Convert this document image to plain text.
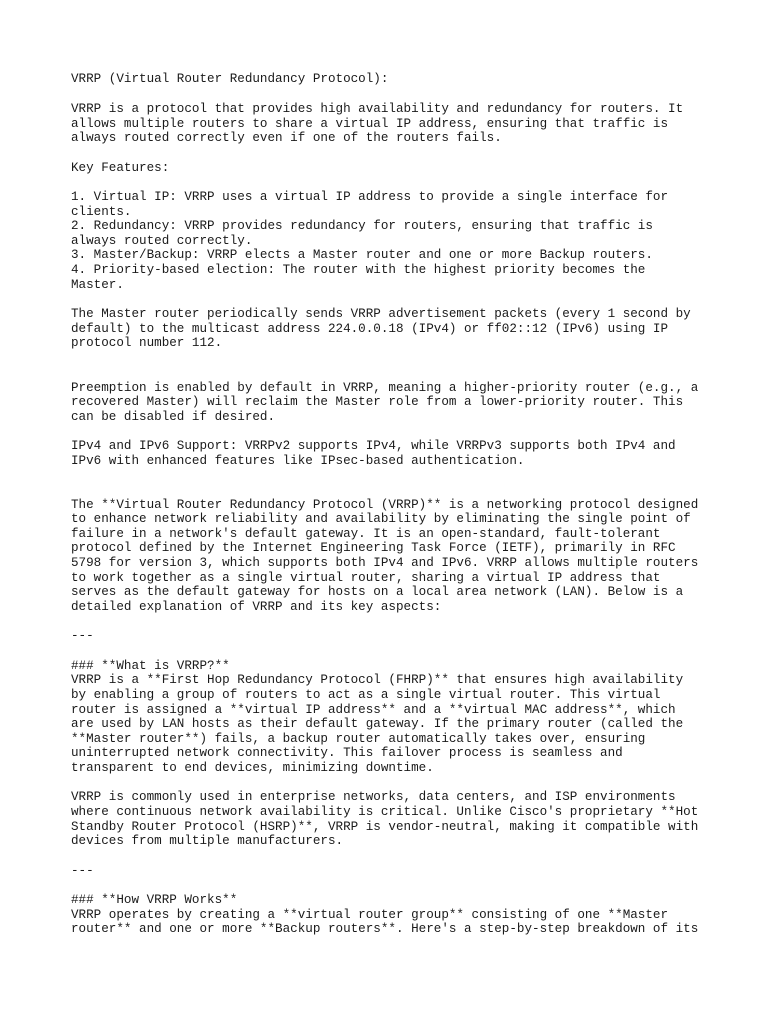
VRRP (Virtual Router Redundancy Protocol):
VRRP is a protocol that provides high availability and redundancy for routers. It
allows multiple routers to share a virtual IP address, ensuring that traffic is
always routed correctly even if one of the routers fails.
Key Features:
1. Virtual IP: VRRP uses a virtual IP address to provide a single interface for
clients.
2. Redundancy: VRRP provides redundancy for routers, ensuring that traffic is
always routed correctly.
3. Master/Backup: VRRP elects a Master router and one or more Backup routers.
4. Priority-based election: The router with the highest priority becomes the
Master.
The Master router periodically sends VRRP advertisement packets (every 1 second by
default) to the multicast address 224.0.0.18 (IPv4) or ff02::12 (IPv6) using IP
protocol number 112.
Preemption is enabled by default in VRRP, meaning a higher-priority router (e.g., a
recovered Master) will reclaim the Master role from a lower-priority router. This
can be disabled if desired.
IPv4 and IPv6 Support: VRRPv2 supports IPv4, while VRRPv3 supports both IPv4 and
IPv6 with enhanced features like IPsec-based authentication.
The **Virtual Router Redundancy Protocol (VRRP)** is a networking protocol designed
to enhance network reliability and availability by eliminating the single point of
failure in a network's default gateway. It is an open-standard, fault-tolerant
protocol defined by the Internet Engineering Task Force (IETF), primarily in RFC
5798 for version 3, which supports both IPv4 and IPv6. VRRP allows multiple routers
to work together as a single virtual router, sharing a virtual IP address that
serves as the default gateway for hosts on a local area network (LAN). Below is a
detailed explanation of VRRP and its key aspects:
---
### **What is VRRP?**
VRRP is a **First Hop Redundancy Protocol (FHRP)** that ensures high availability
by enabling a group of routers to act as a single virtual router. This virtual
router is assigned a **virtual IP address** and a **virtual MAC address**, which
are used by LAN hosts as their default gateway. If the primary router (called the
**Master router**) fails, a backup router automatically takes over, ensuring
uninterrupted network connectivity. This failover process is seamless and
transparent to end devices, minimizing downtime.
VRRP is commonly used in enterprise networks, data centers, and ISP environments
where continuous network availability is critical. Unlike Cisco's proprietary **Hot
Standby Router Protocol (HSRP)**, VRRP is vendor-neutral, making it compatible with
devices from multiple manufacturers.
---
### **How VRRP Works**
VRRP operates by creating a **virtual router group** consisting of one **Master
router** and one or more **Backup routers**. Here's a step-by-step breakdown of its
